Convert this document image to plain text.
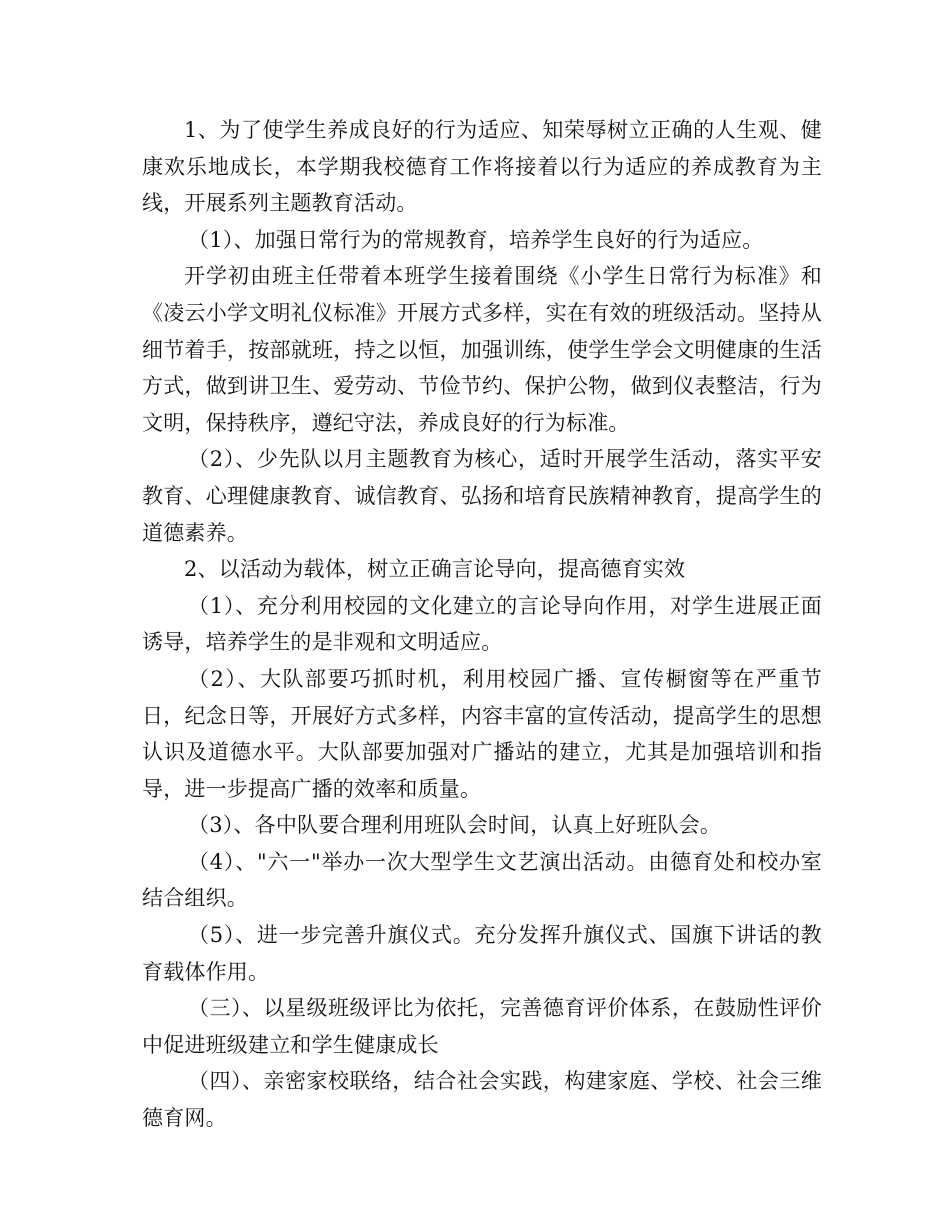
1、为了使学生养成良好的行为适应、知荣辱树立正确的人生观、健康欢乐地成长，本学期我校德育工作将接着以行为适应的养成教育为主线，开展系列主题教育活动。

（1）、加强日常行为的常规教育，培养学生良好的行为适应。

开学初由班主任带着本班学生接着围绕《小学生日常行为标准》和《凌云小学文明礼仪标准》开展方式多样，实在有效的班级活动。坚持从细节着手，按部就班，持之以恒，加强训练，使学生学会文明健康的生活方式，做到讲卫生、爱劳动、节俭节约、保护公物，做到仪表整洁，行为文明，保持秩序，遵纪守法，养成良好的行为标准。

（2）、少先队以月主题教育为核心，适时开展学生活动，落实平安教育、心理健康教育、诚信教育、弘扬和培育民族精神教育，提高学生的道德素养。

2、以活动为载体，树立正确言论导向，提高德育实效

（1）、充分利用校园的文化建立的言论导向作用，对学生进展正面诱导，培养学生的是非观和文明适应。

（2）、大队部要巧抓时机，利用校园广播、宣传橱窗等在严重节日，纪念日等，开展好方式多样，内容丰富的宣传活动，提高学生的思想认识及道德水平。大队部要加强对广播站的建立，尤其是加强培训和指导，进一步提高广播的效率和质量。

（3）、各中队要合理利用班队会时间，认真上好班队会。

（4）、"六一"举办一次大型学生文艺演出活动。由德育处和校办室结合组织。

（5）、进一步完善升旗仪式。充分发挥升旗仪式、国旗下讲话的教育载体作用。

（三）、以星级班级评比为依托，完善德育评价体系，在鼓励性评价中促进班级建立和学生健康成长

（四）、亲密家校联络，结合社会实践，构建家庭、学校、社会三维德育网。
